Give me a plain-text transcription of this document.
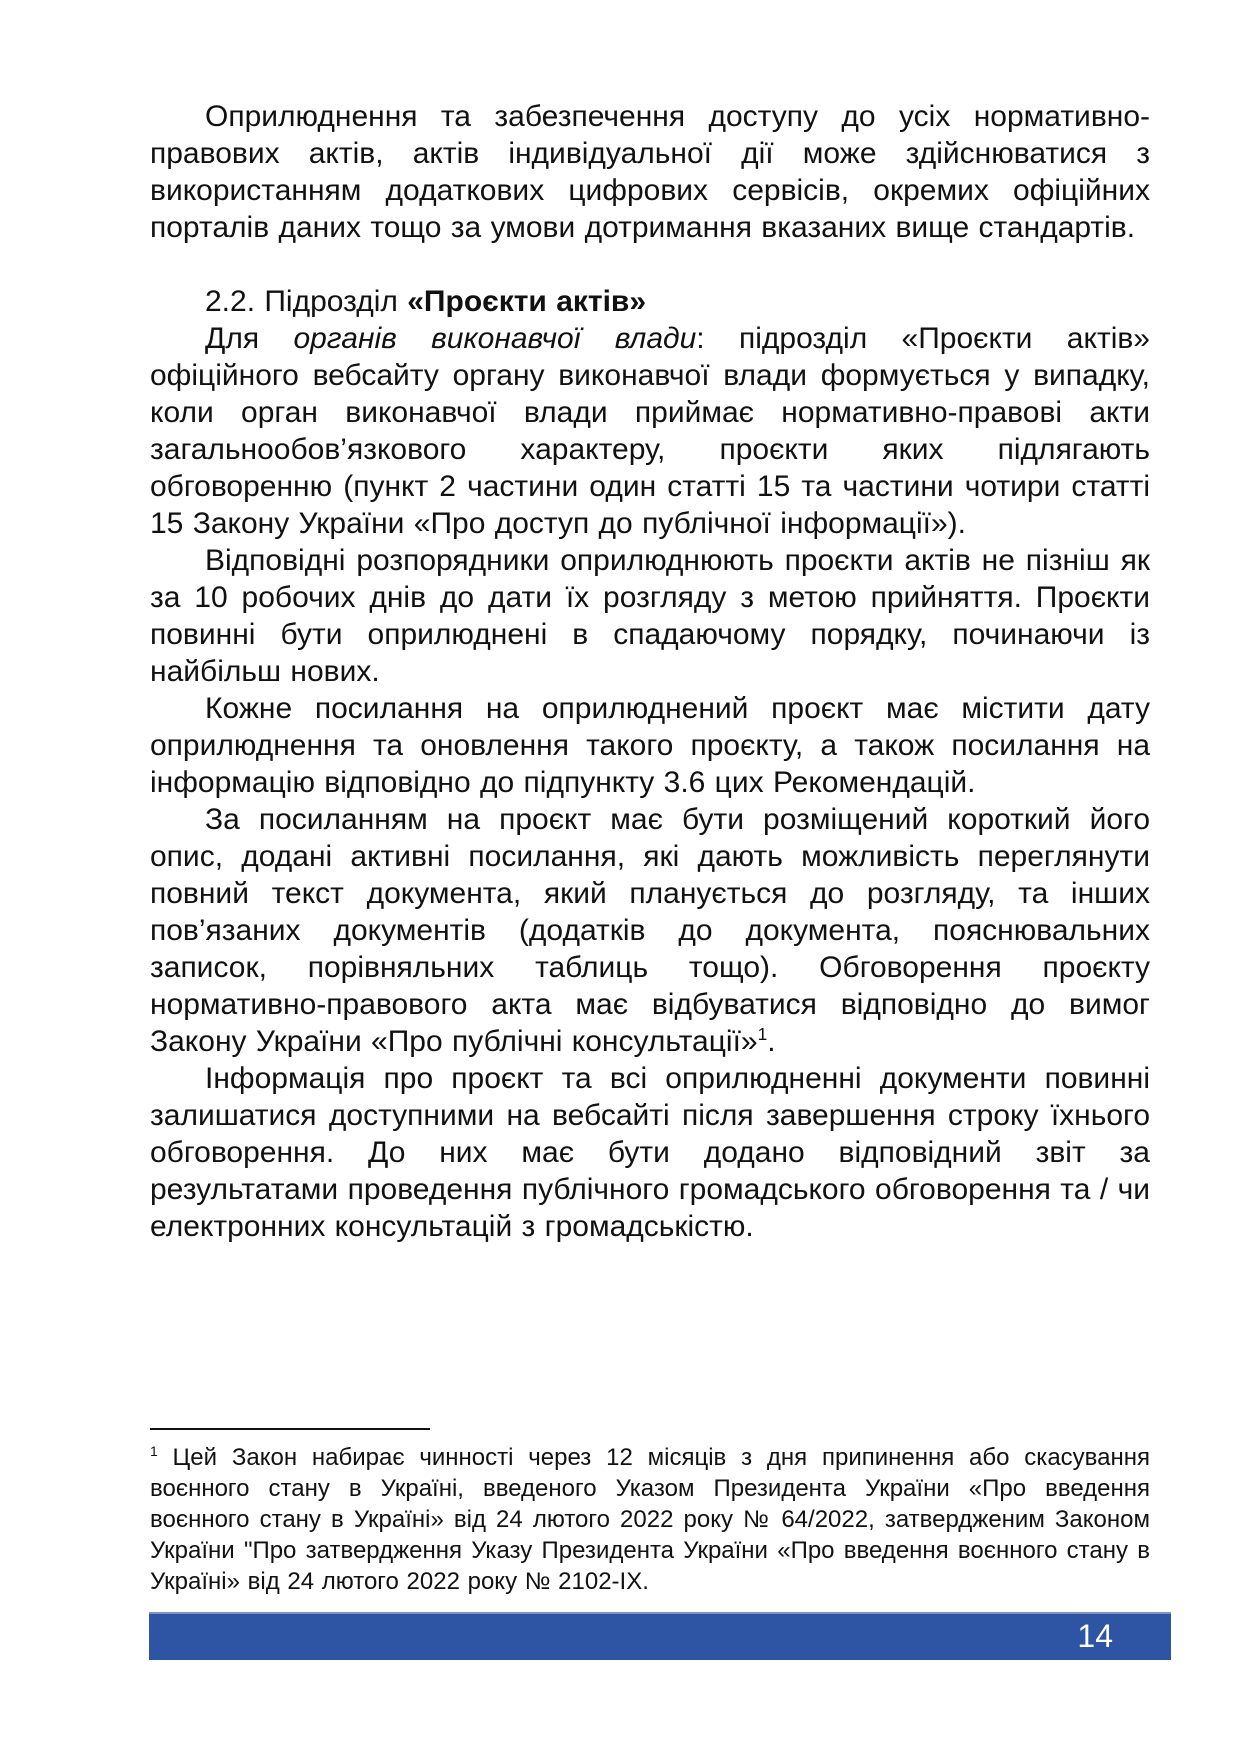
Оприлюднення та забезпечення доступу до усіх нормативно-правових актів, актів індивідуальної дії може здійснюватися з використанням додаткових цифрових сервісів, окремих офіційних порталів даних тощо за умови дотримання вказаних вище стандартів.

2.2. Підрозділ «Проєкти актів»

Для органів виконавчої влади: підрозділ «Проєкти актів» офіційного вебсайту органу виконавчої влади формується у випадку, коли орган виконавчої влади приймає нормативно-правові акти загальнообов’язкового характеру, проєкти яких підлягають обговоренню (пункт 2 частини один статті 15 та частини чотири статті 15 Закону України «Про доступ до публічної інформації»).

Відповідні розпорядники оприлюднюють проєкти актів не пізніш як за 10 робочих днів до дати їх розгляду з метою прийняття. Проєкти повинні бути оприлюднені в спадаючому порядку, починаючи із найбільш нових.

Кожне посилання на оприлюднений проєкт має містити дату оприлюднення та оновлення такого проєкту, а також посилання на інформацію відповідно до підпункту 3.6 цих Рекомендацій.

За посиланням на проєкт має бути розміщений короткий його опис, додані активні посилання, які дають можливість переглянути повний текст документа, який планується до розгляду, та інших пов’язаних документів (додатків до документа, пояснювальних записок, порівняльних таблиць тощо). Обговорення проєкту нормативно-правового акта має відбуватися відповідно до вимог Закону України «Про публічні консультації»$^1$.

Інформація про проєкт та всі оприлюдненні документи повинні залишатися доступними на вебсайті після завершення строку їхнього обговорення. До них має бути додано відповідний звіт за результатами проведення публічного громадського обговорення та / чи електронних консультацій з громадськістю.

$^1$ Цей Закон набирає чинності через 12 місяців з дня припинення або скасування воєнного стану в Україні, введеного Указом Президента України «Про введення воєнного стану в Україні» від 24 лютого 2022 року № 64/2022, затвердженим Законом України "Про затвердження Указу Президента України «Про введення воєнного стану в Україні» від 24 лютого 2022 року № 2102-IX.

14
